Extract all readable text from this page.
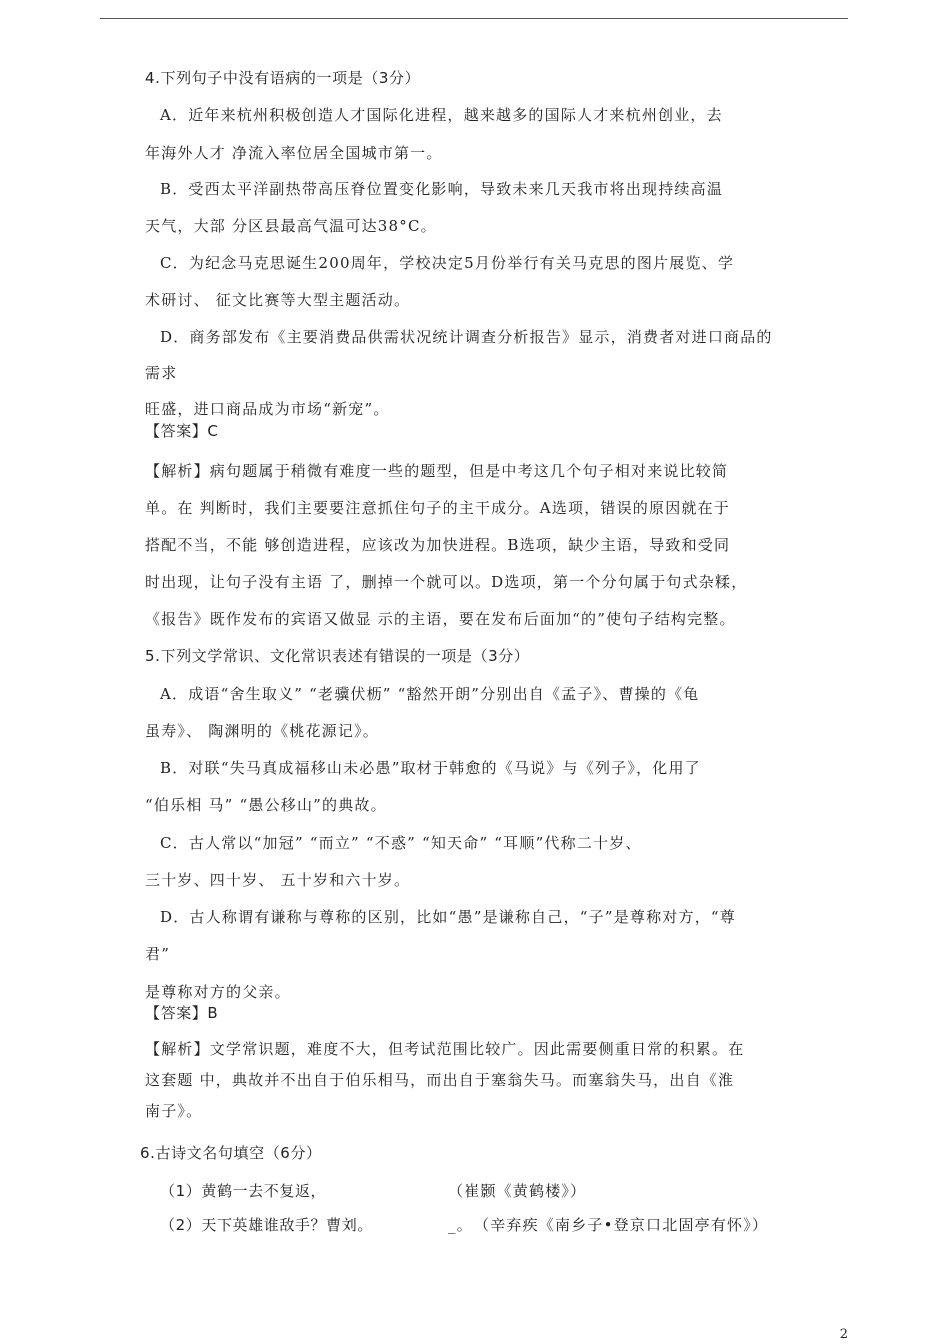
4.下列句子中没有语病的一项是（3分）
A．近年来杭州积极创造人才国际化进程，越来越多的国际人才来杭州创业，去
年海外人才 净流入率位居全国城市第一。
B．受西太平洋副热带高压脊位置变化影响，导致未来几天我市将出现持续高温
天气，大部 分区县最高气温可达38°C。
C．为纪念马克思诞生200周年，学校决定5月份举行有关马克思的图片展览、学
术研讨、 征文比赛等大型主题活动。
D．商务部发布《主要消费品供需状况统计调查分析报告》显示，消费者对进口商品的
需求
旺盛，进口商品成为市场“新宠”。
【答案】C
【解析】病句题属于稍微有难度一些的题型，但是中考这几个句子相对来说比较简
单。在 判断时，我们主要要注意抓住句子的主干成分。A选项，错误的原因就在于
搭配不当，不能 够创造进程，应该改为加快进程。B选项，缺少主语，导致和受同
时出现，让句子没有主语 了，删掉一个就可以。D选项，第一个分句属于句式杂糅，
《报告》既作发布的宾语又做显 示的主语，要在发布后面加“的”使句子结构完整。
5.下列文学常识、文化常识表述有错误的一项是（3分）
A．成语“舍生取义” “老骥伏枥” “豁然开朗”分别出自《孟子》、曹操的《龟
虽寿》、 陶渊明的《桃花源记》。
B．对联“失马真成福移山未必愚”取材于韩愈的《马说》与《列子》，化用了
“伯乐相 马” “愚公移山”的典故。
C．古人常以“加冠” “而立” “不惑” “知天命” “耳顺”代称二十岁、
三十岁、四十岁、 五十岁和六十岁。
D．古人称谓有谦称与尊称的区别，比如“愚”是谦称自己，“子”是尊称对方，“尊
君”
是尊称对方的父亲。
【答案】B
【解析】文学常识题，难度不大，但考试范围比较广。因此需要侧重日常的积累。在
这套题 中，典故并不出自于伯乐相马，而出自于塞翁失马。而塞翁失马，出自《淮
南子》。
6.古诗文名句填空（6分）
（1）黄鹤一去不复返，	（崔颢《黄鹤楼》）
（2）天下英雄谁敌手？曹刘。	_。 （辛弃疾《南乡子•登京口北固亭有怀》）
2
